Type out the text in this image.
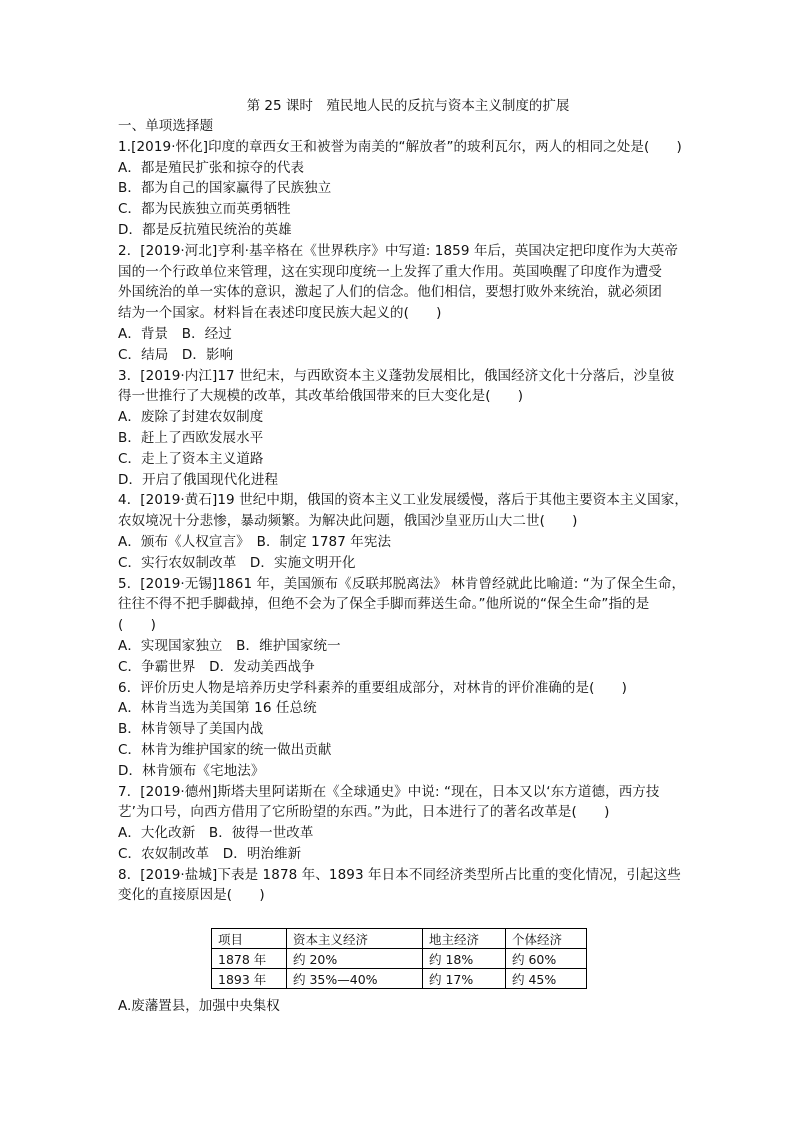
第 25 课时　殖民地人民的反抗与资本主义制度的扩展
一、单项选择题
1.[2019·怀化]印度的章西女王和被誉为南美的“解放者”的玻利瓦尔，两人的相同之处是(　　)
A．都是殖民扩张和掠夺的代表
B．都为自己的国家赢得了民族独立
C．都为民族独立而英勇牺牲
D．都是反抗殖民统治的英雄
2．[2019·河北]亨利·基辛格在《世界秩序》中写道: 1859 年后，英国决定把印度作为大英帝
国的一个行政单位来管理，这在实现印度统一上发挥了重大作用。英国唤醒了印度作为遭受
外国统治的单一实体的意识，激起了人们的信念。他们相信，要想打败外来统治，就必须团
结为一个国家。材料旨在表述印度民族大起义的(　　)
A．背景　B．经过
C．结局　D．影响
3．[2019·内江]17 世纪末，与西欧资本主义蓬勃发展相比，俄国经济文化十分落后，沙皇彼
得一世推行了大规模的改革，其改革给俄国带来的巨大变化是(　　)
A．废除了封建农奴制度
B．赶上了西欧发展水平
C．走上了资本主义道路
D．开启了俄国现代化进程
4．[2019·黄石]19 世纪中期，俄国的资本主义工业发展缓慢，落后于其他主要资本主义国家，
农奴境况十分悲惨，暴动频繁。为解决此问题，俄国沙皇亚历山大二世(　　)
A．颁布《人权宣言》　B．制定 1787 年宪法
C．实行农奴制改革　D．实施文明开化
5．[2019·无锡]1861 年，美国颁布《反联邦脱离法》 林肯曾经就此比喻道: “为了保全生命，
往往不得不把手脚截掉，但绝不会为了保全手脚而葬送生命。”他所说的“保全生命”指的是
(　　)
A．实现国家独立　B．维护国家统一
C．争霸世界　D．发动美西战争
6．评价历史人物是培养历史学科素养的重要组成部分，对林肯的评价准确的是(　　)
A．林肯当选为美国第 16 任总统
B．林肯领导了美国内战
C．林肯为维护国家的统一做出贡献
D．林肯颁布《宅地法》
7．[2019·德州]斯塔夫里阿诺斯在《全球通史》中说: “现在，日本又以‘东方道德，西方技
艺’为口号，向西方借用了它所盼望的东西。”为此，日本进行了的著名改革是(　　)
A．大化改新　B．彼得一世改革
C．农奴制改革　D．明治维新
8．[2019·盐城]下表是 1878 年、1893 年日本不同经济类型所占比重的变化情况，引起这些
变化的直接原因是(　　)
项目	资本主义经济	地主经济	个体经济
1878 年	约 20%	约 18%	约 60%
1893 年	约 35%—40%	约 17%	约 45%
A.废藩置县，加强中央集权
